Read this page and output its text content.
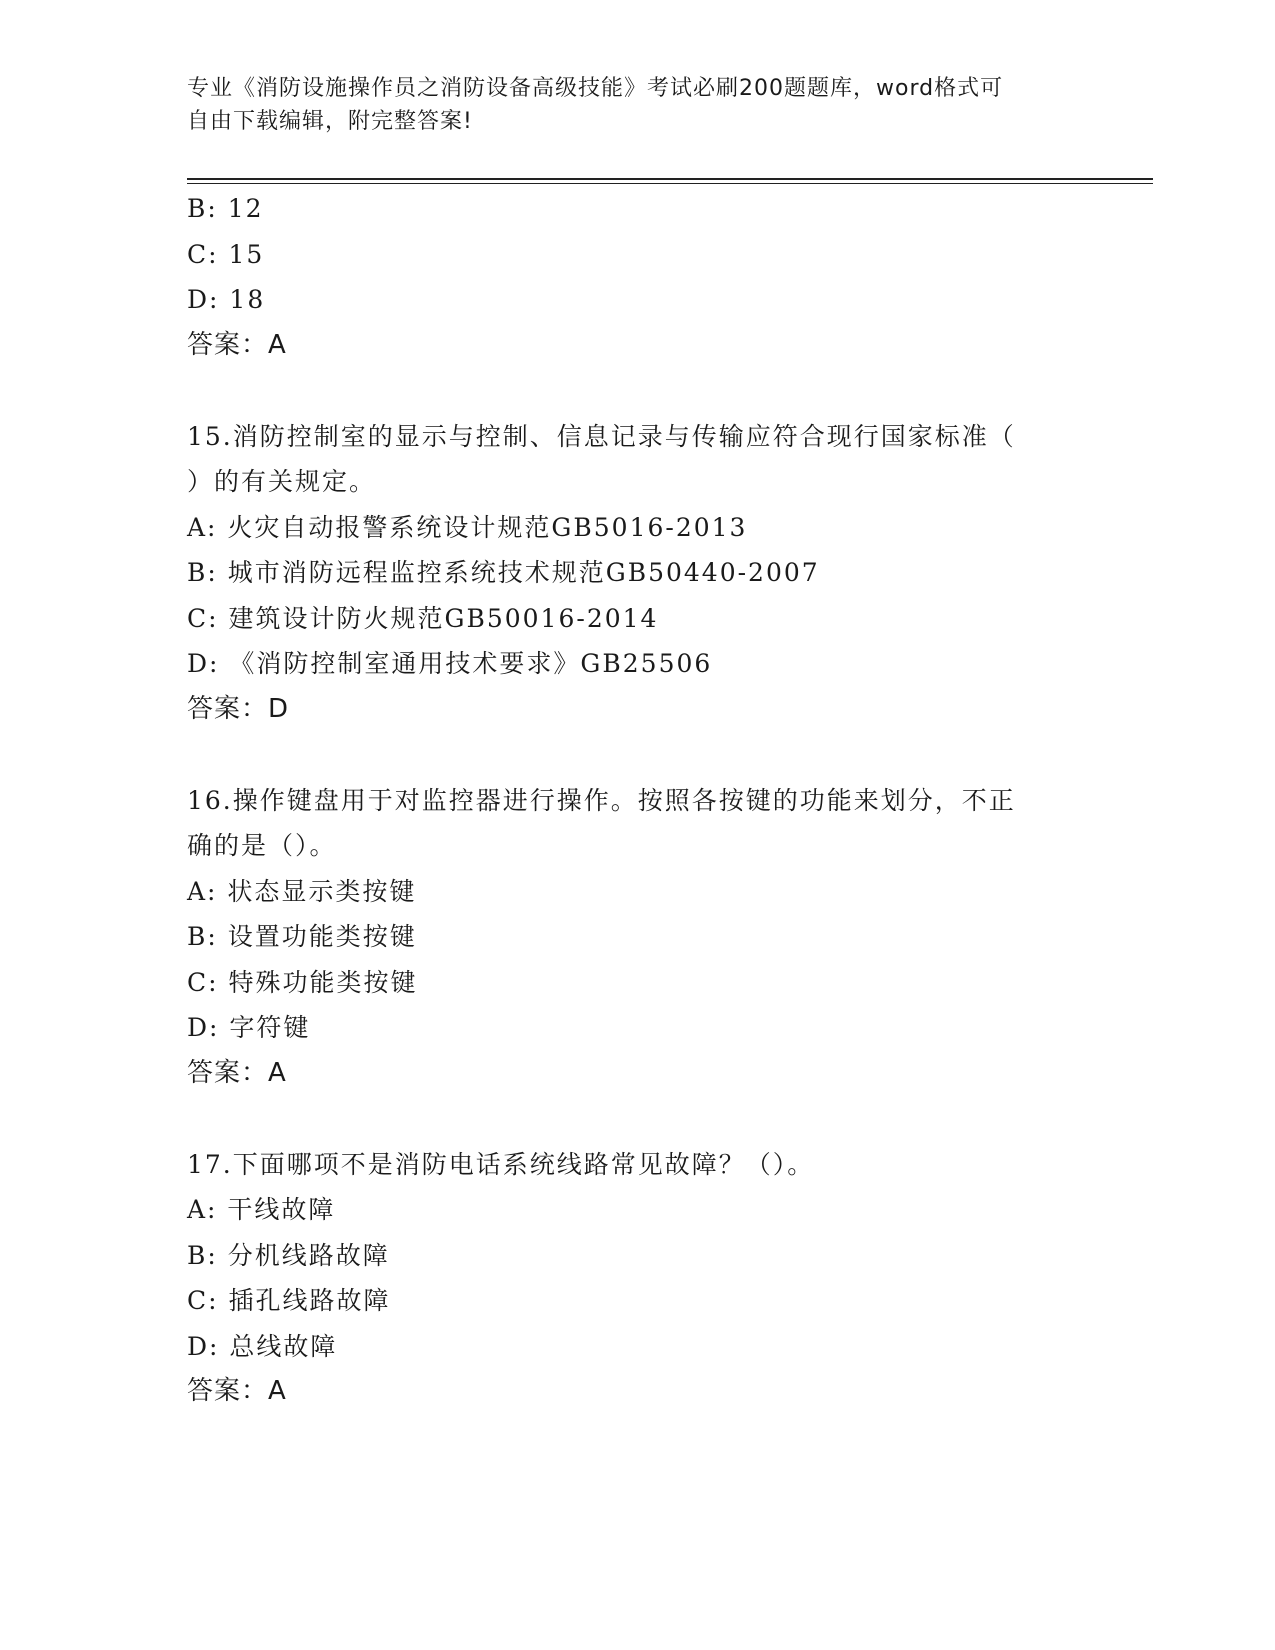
专业《消防设施操作员之消防设备高级技能》考试必刷200题题库，word格式可
自由下载编辑，附完整答案!
B: 12
C: 15
D: 18
答案：A
15.消防控制室的显示与控制、信息记录与传输应符合现行国家标准（
）的有关规定。
A: 火灾自动报警系统设计规范GB5016-2013
B: 城市消防远程监控系统技术规范GB50440-2007
C: 建筑设计防火规范GB50016-2014
D: 《消防控制室通用技术要求》GB25506
答案：D
16.操作键盘用于对监控器进行操作。按照各按键的功能来划分，不正
确的是（）。
A: 状态显示类按键
B: 设置功能类按键
C: 特殊功能类按键
D: 字符键
答案：A
17.下面哪项不是消防电话系统线路常见故障？（）。
A: 干线故障
B: 分机线路故障
C: 插孔线路故障
D: 总线故障
答案：A
